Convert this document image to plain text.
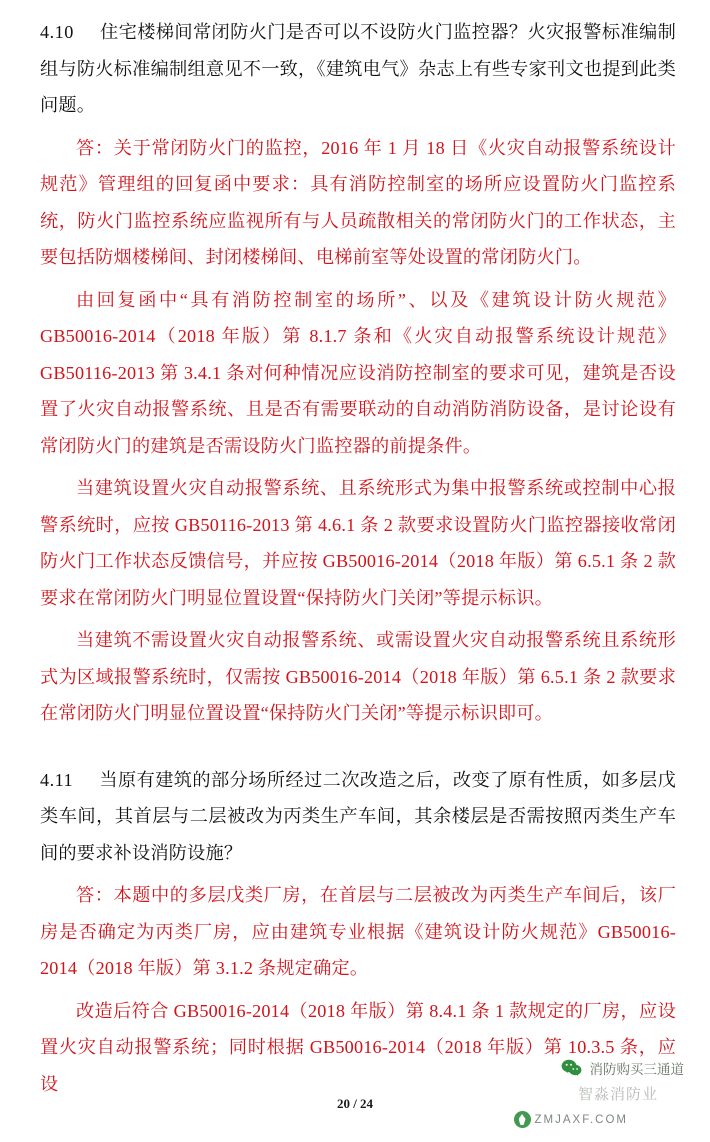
4.10 住宅楼梯间常闭防火门是否可以不设防火门监控器？火灾报警标准编制组与防火标准编制组意见不一致，《建筑电气》杂志上有些专家刊文也提到此类问题。

答：关于常闭防火门的监控，2016 年 1 月 18 日《火灾自动报警系统设计规范》管理组的回复函中要求：具有消防控制室的场所应设置防火门监控系统，防火门监控系统应监视所有与人员疏散相关的常闭防火门的工作状态，主要包括防烟楼梯间、封闭楼梯间、电梯前室等处设置的常闭防火门。

由回复函中“具有消防控制室的场所”、以及《建筑设计防火规范》GB50016-2014（2018 年版）第 8.1.7 条和《火灾自动报警系统设计规范》GB50116-2013 第 3.4.1 条对何种情况应设消防控制室的要求可见，建筑是否设置了火灾自动报警系统、且是否有需要联动的自动消防消防设备，是讨论设有常闭防火门的建筑是否需设防火门监控器的前提条件。

当建筑设置火灾自动报警系统、且系统形式为集中报警系统或控制中心报警系统时，应按 GB50116-2013 第 4.6.1 条 2 款要求设置防火门监控器接收常闭防火门工作状态反馈信号，并应按 GB50016-2014（2018 年版）第 6.5.1 条 2 款要求在常闭防火门明显位置设置“保持防火门关闭”等提示标识。

当建筑不需设置火灾自动报警系统、或需设置火灾自动报警系统且系统形式为区域报警系统时，仅需按 GB50016-2014（2018 年版）第 6.5.1 条 2 款要求在常闭防火门明显位置设置“保持防火门关闭”等提示标识即可。

4.11 当原有建筑的部分场所经过二次改造之后，改变了原有性质，如多层戊类车间，其首层与二层被改为丙类生产车间，其余楼层是否需按照丙类生产车间的要求补设消防设施？

答：本题中的多层戊类厂房，在首层与二层被改为丙类生产车间后，该厂房是否确定为丙类厂房，应由建筑专业根据《建筑设计防火规范》GB50016-2014（2018 年版）第 3.1.2 条规定确定。

改造后符合 GB50016-2014（2018 年版）第 8.4.1 条 1 款规定的厂房，应设置火灾自动报警系统；同时根据 GB50016-2014（2018 年版）第 10.3.5 条，应设

20 / 24
消防购买三通道
智淼消防业
ZMJAXF.COM
